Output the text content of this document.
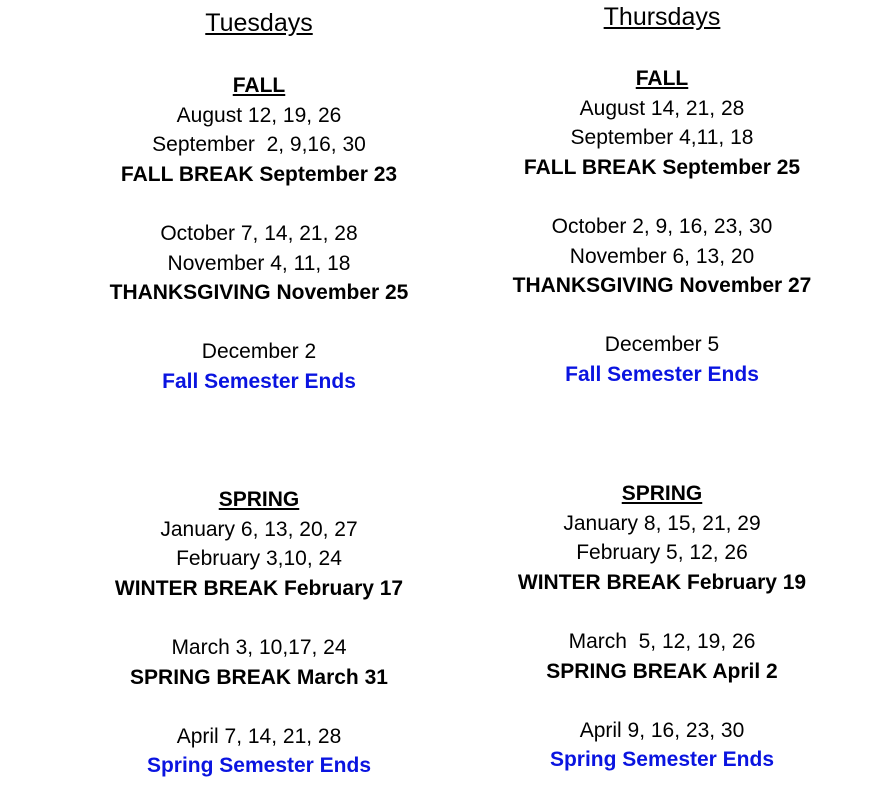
Tuesdays
FALL
August 12, 19, 26
September  2, 9,16, 30
FALL BREAK September 23
October 7, 14, 21, 28
November 4, 11, 18
THANKSGIVING November 25
December 2
Fall Semester Ends
SPRING
January 6, 13, 20, 27
February 3,10, 24
WINTER BREAK February 17
March 3, 10,17, 24
SPRING BREAK March 31
April 7, 14, 21, 28
Spring Semester Ends
Thursdays
FALL
August 14, 21, 28
September 4,11, 18
FALL BREAK September 25
October 2, 9, 16, 23, 30
November 6, 13, 20
THANKSGIVING November 27
December 5
Fall Semester Ends
SPRING
January 8, 15, 21, 29
February 5, 12, 26
WINTER BREAK February 19
March  5, 12, 19, 26
SPRING BREAK April 2
April 9, 16, 23, 30
Spring Semester Ends
